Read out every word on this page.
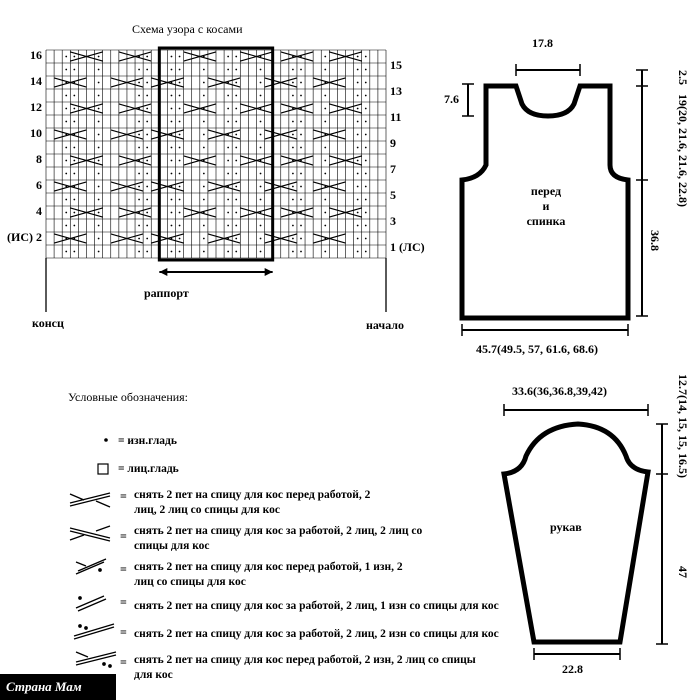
Схема узора с косами
16
14
12
10
8
6
4
(ИС) 2
15
13
11
9
7
5
3
1 (ЛС)
раппорт
консц	начало
17.8
7.6
перед
и
спинка
2.5
19(20, 21.6, 21.6, 22.8)
36.8
45.7(49.5, 57, 61.6, 68.6)
33.6(36,36.8,39,42)
рукав
12.7(14, 15, 15, 16.5)
47
22.8
Условные обозначения:
=
=
=
=
=
=
= изн.гладь
= лиц.гладь
снять 2 пет на спицу для кос перед работой, 2 лиц, 2 лиц со спицы для кос
снять 2 пет на спицу для кос за работой, 2 лиц, 2 лиц со спицы для кос
снять 2 пет на спицу для кос перед работой, 1 изн, 2 лиц со спицы для кос
снять 2 пет на спицу для кос за работой, 2 лиц, 1 изн со спицы для кос
снять 2 пет на спицу для кос за работой, 2 лиц, 2 изн со спицы для кос
снять 2 пет на спицу для кос перед работой, 2 изн, 2 лиц со спицы для кос
Страна Мам
